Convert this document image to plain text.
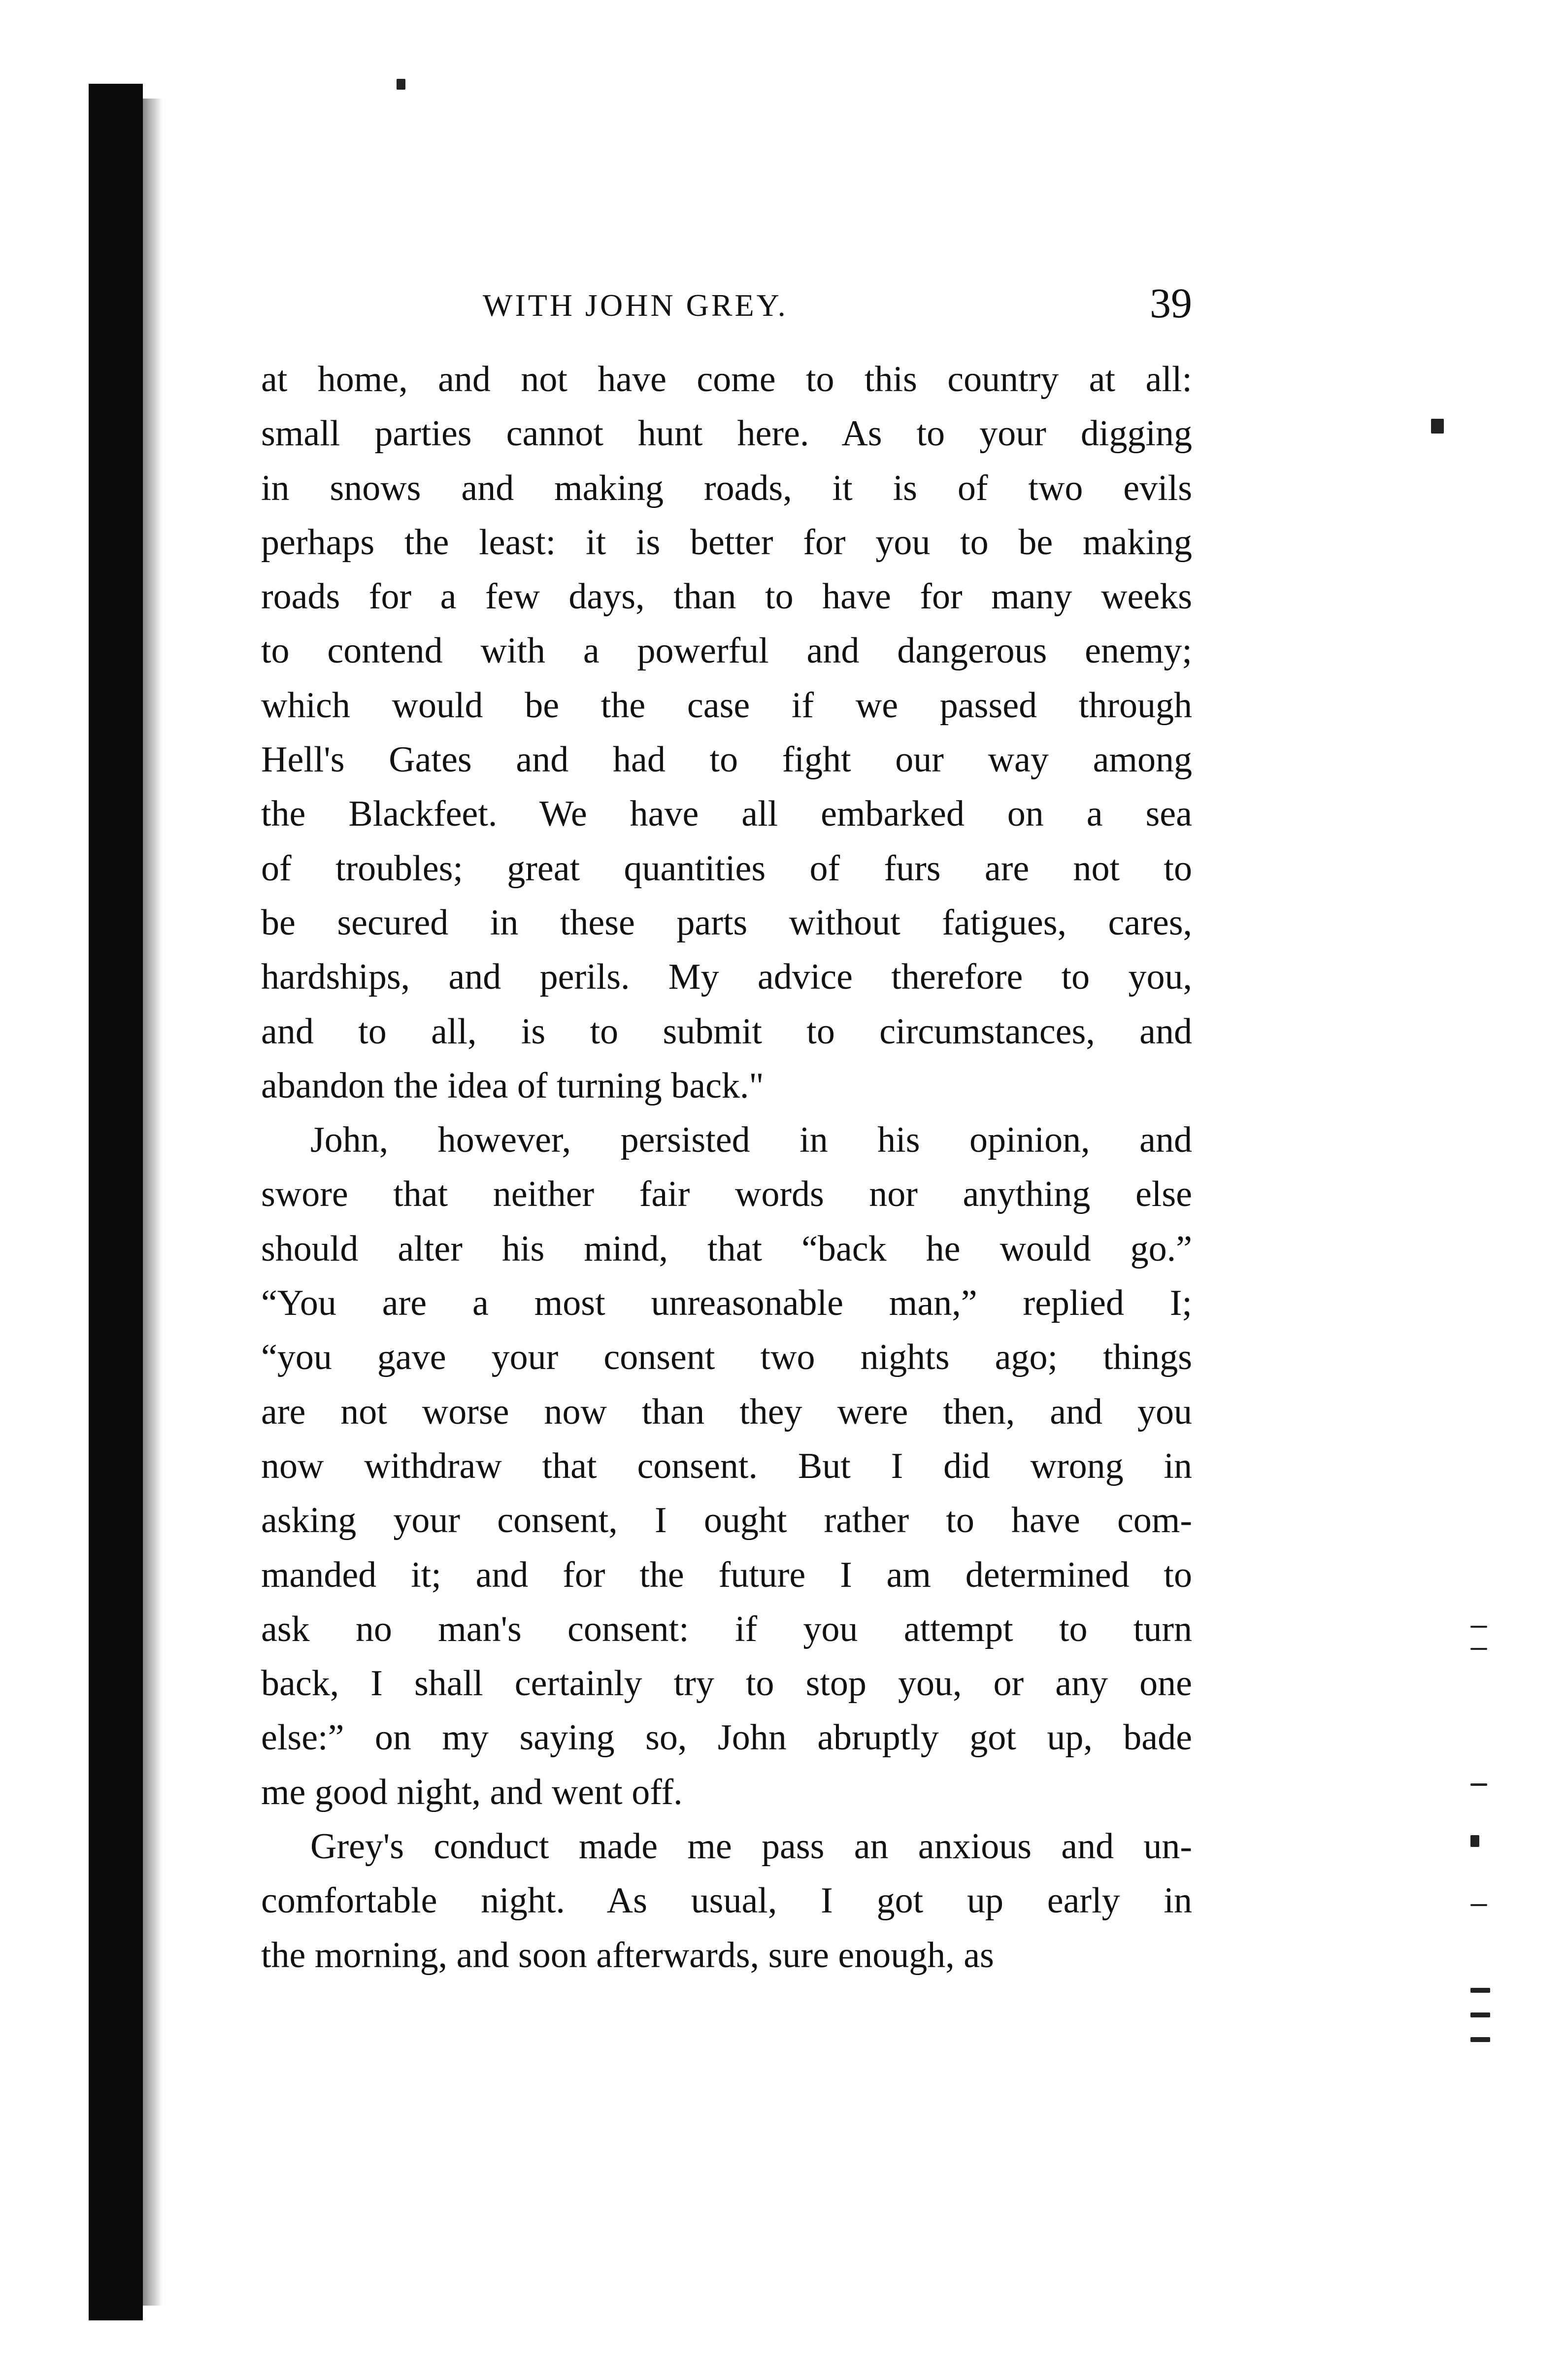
WITH JOHN GREY.	39
at home, and not have come to this country at all:
small parties cannot hunt here. As to your digging
in snows and making roads, it is of two evils
perhaps the least: it is better for you to be making
roads for a few days, than to have for many weeks
to contend with a powerful and dangerous enemy;
which would be the case if we passed through
Hell's Gates and had to fight our way among
the Blackfeet. We have all embarked on a sea
of troubles; great quantities of furs are not to
be secured in these parts without fatigues, cares,
hardships, and perils. My advice therefore to you,
and to all, is to submit to circumstances, and
abandon the idea of turning back."
John, however, persisted in his opinion, and
swore that neither fair words nor anything else
should alter his mind, that “back he would go.”
“You are a most unreasonable man,” replied I;
“you gave your consent two nights ago; things
are not worse now than they were then, and you
now withdraw that consent. But I did wrong in
asking your consent, I ought rather to have com-
manded it; and for the future I am determined to
ask no man's consent: if you attempt to turn
back, I shall certainly try to stop you, or any one
else:” on my saying so, John abruptly got up, bade
me good night, and went off.
Grey's conduct made me pass an anxious and un-
comfortable night. As usual, I got up early in
the morning, and soon afterwards, sure enough, as
